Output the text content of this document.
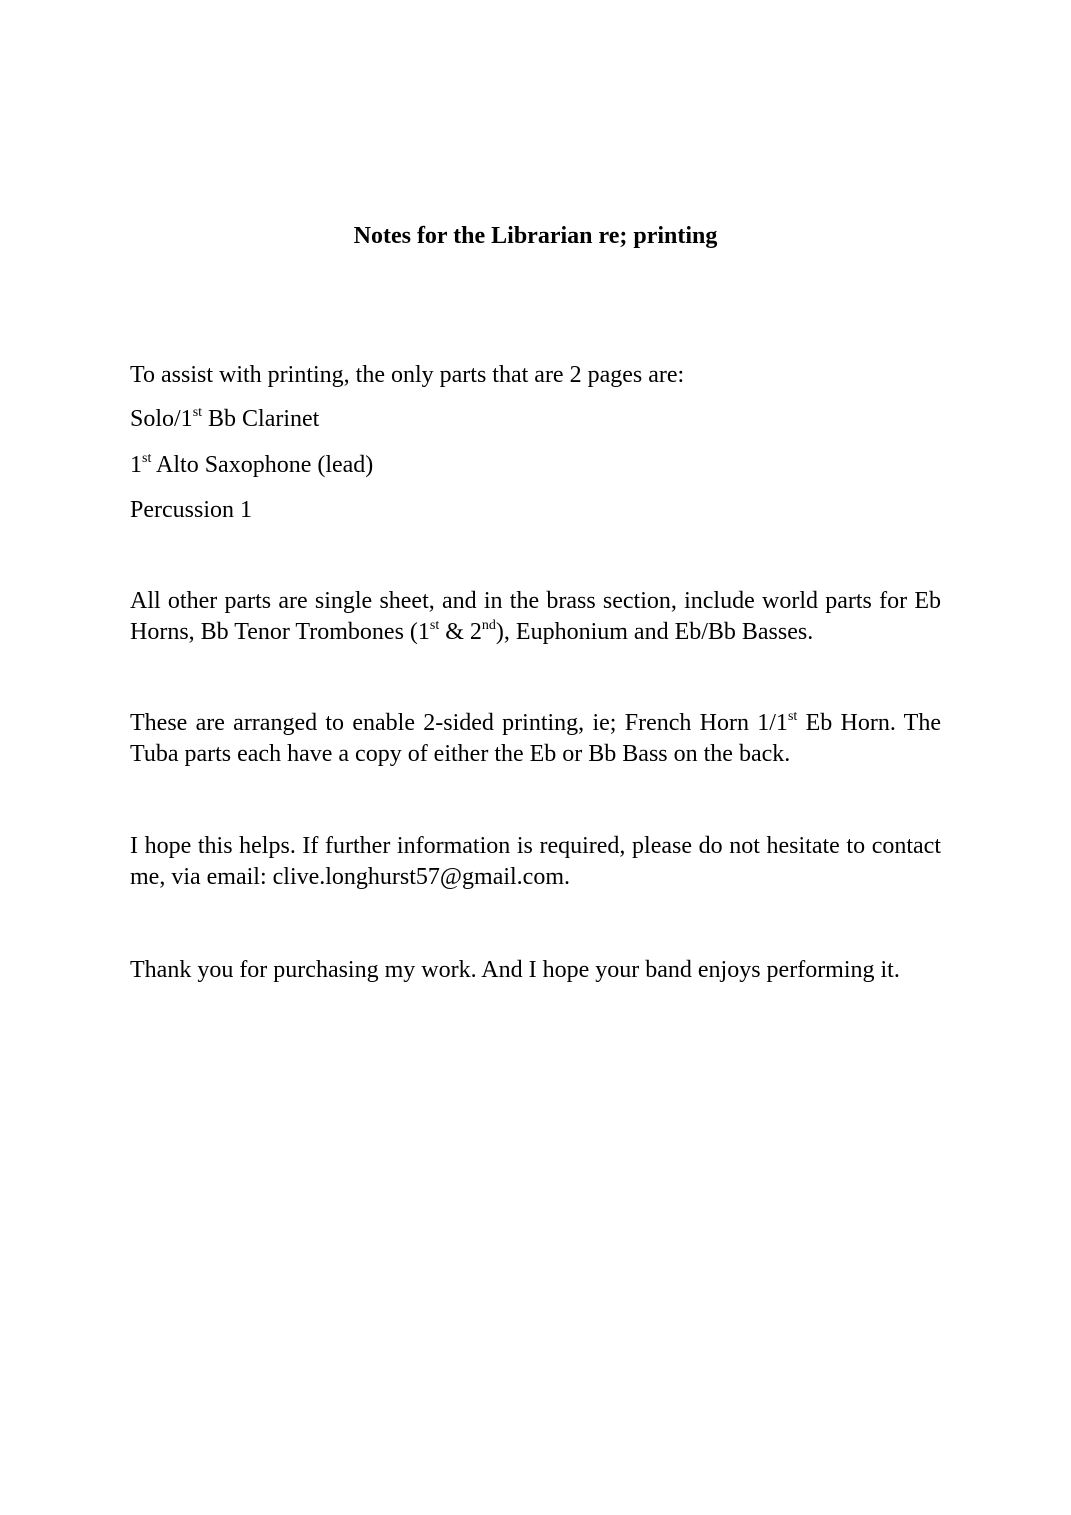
Notes for the Librarian re; printing
To assist with printing, the only parts that are 2 pages are:
Solo/1st Bb Clarinet
1st Alto Saxophone (lead)
Percussion 1
All other parts are single sheet, and in the brass section, include world parts for Eb Horns, Bb Tenor Trombones (1st & 2nd), Euphonium and Eb/Bb Basses.
These are arranged to enable 2-sided printing, ie; French Horn 1/1st Eb Horn. The Tuba parts each have a copy of either the Eb or Bb Bass on the back.
I hope this helps. If further information is required, please do not hesitate to contact me, via email: clive.longhurst57@gmail.com.
Thank you for purchasing my work. And I hope your band enjoys performing it.
